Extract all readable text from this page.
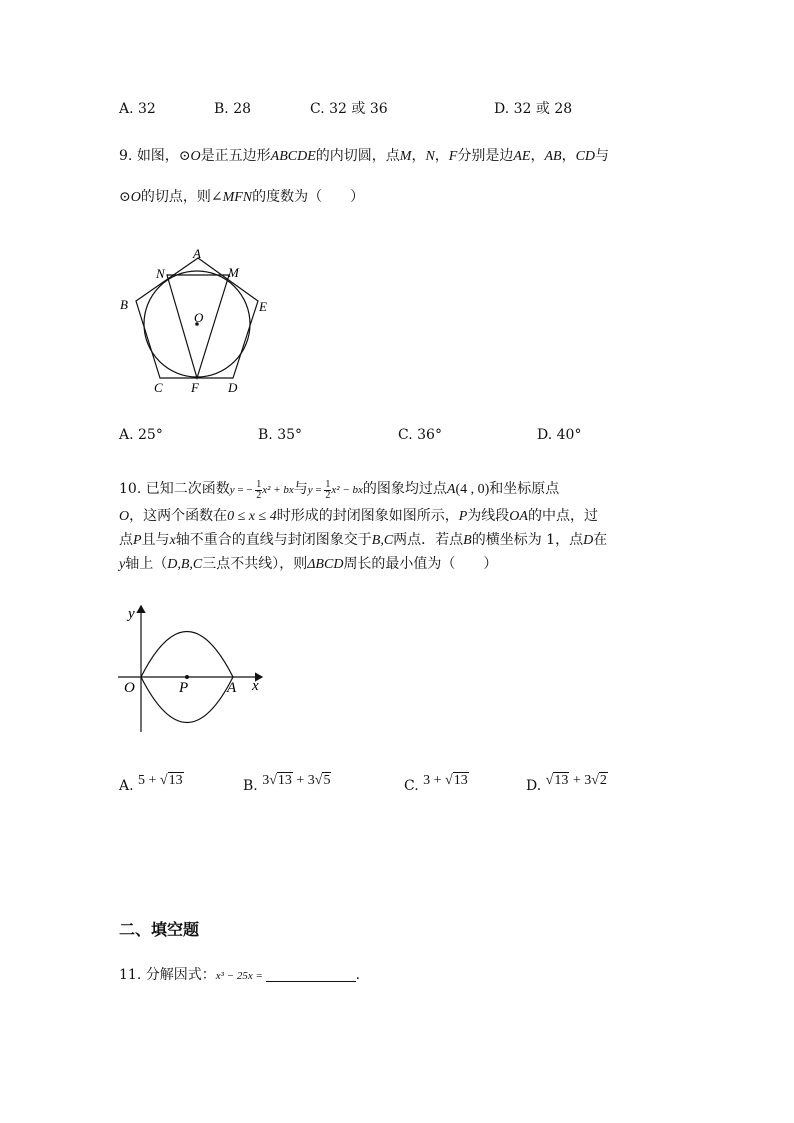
A. 32	B. 28	C. 32 或 36	D. 32 或 28
9. 如图，⊙O是正五边形ABCDE的内切圆，点M，N，F分别是边AE，AB，CD与
⊙O的切点，则∠MFN的度数为（　　）
A
N	M
B	E
O
C F D
A. 25°	B. 35°	C. 36°	D. 40°
10. 已知二次函数y = − $\frac{1}{2} x^2$ + bx与$y = \frac{1}{2} x^2$ − bx的图象均过点A(4 , 0)和坐标原点
O，这两个函数在0 ≤ x ≤ 4时形成的封闭图象如图所示，P为线段OA的中点，过
点P且与x轴不重合的直线与封闭图象交于B,C两点．若点B的横坐标为 1，点D在
y轴上（D,B,C三点不共线），则ΔBCD周长的最小值为（　　）
y
x
O	P	A
A. 5 + √13	B. 3√13 + 3√5	C. 3 + √13	D. √13 + 3√2
二、填空题
11. 分解因式：x³ − 25x =	.
